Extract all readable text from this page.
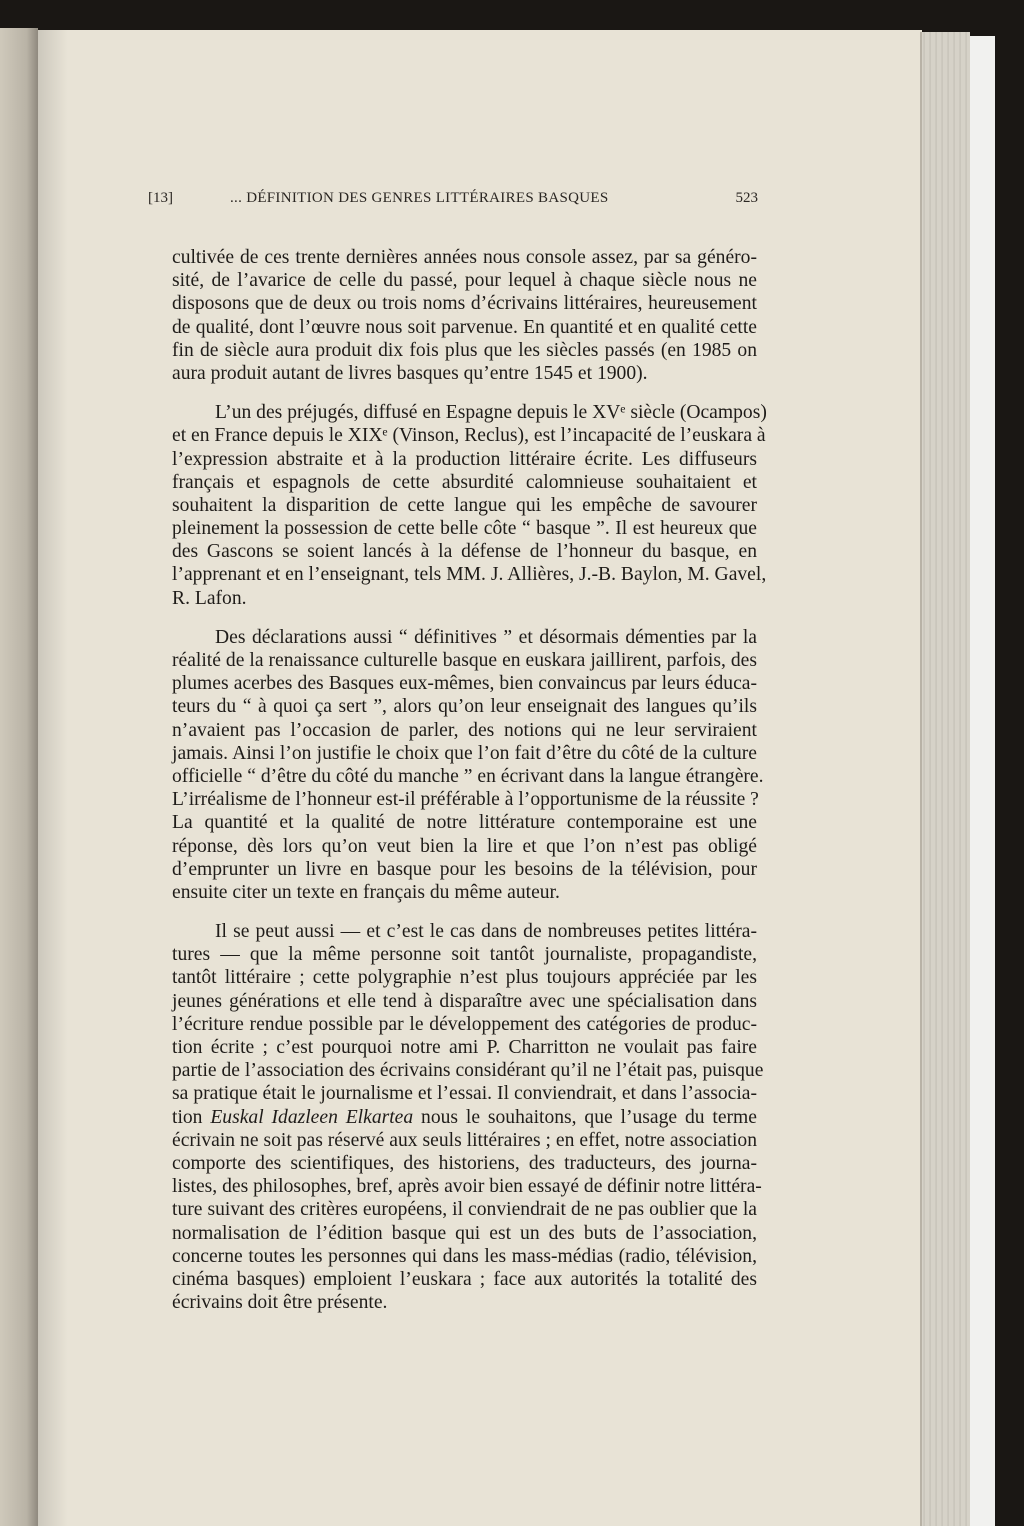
[13]	... DÉFINITION DES GENRES LITTÉRAIRES BASQUES	523
cultivée de ces trente dernières années nous console assez, par sa généro-
sité, de l’avarice de celle du passé, pour lequel à chaque siècle nous ne
disposons que de deux ou trois noms d’écrivains littéraires, heureusement
de qualité, dont l’œuvre nous soit parvenue. En quantité et en qualité cette
fin de siècle aura produit dix fois plus que les siècles passés (en 1985 on
aura produit autant de livres basques qu’entre 1545 et 1900).
L’un des préjugés, diffusé en Espagne depuis le XVᵉ siècle (Ocampos)
et en France depuis le XIXᵉ (Vinson, Reclus), est l’incapacité de l’euskara à
l’expression abstraite et à la production littéraire écrite. Les diffuseurs
français et espagnols de cette absurdité calomnieuse souhaitaient et
souhaitent la disparition de cette langue qui les empêche de savourer
pleinement la possession de cette belle côte “ basque ”. Il est heureux que
des Gascons se soient lancés à la défense de l’honneur du basque, en
l’apprenant et en l’enseignant, tels MM. J. Allières, J.-B. Baylon, M. Gavel,
R. Lafon.
Des déclarations aussi “ définitives ” et désormais démenties par la
réalité de la renaissance culturelle basque en euskara jaillirent, parfois, des
plumes acerbes des Basques eux-mêmes, bien convaincus par leurs éduca-
teurs du “ à quoi ça sert ”, alors qu’on leur enseignait des langues qu’ils
n’avaient pas l’occasion de parler, des notions qui ne leur serviraient
jamais. Ainsi l’on justifie le choix que l’on fait d’être du côté de la culture
officielle “ d’être du côté du manche ” en écrivant dans la langue étrangère.
L’irréalisme de l’honneur est-il préférable à l’opportunisme de la réussite ?
La quantité et la qualité de notre littérature contemporaine est une
réponse, dès lors qu’on veut bien la lire et que l’on n’est pas obligé
d’emprunter un livre en basque pour les besoins de la télévision, pour
ensuite citer un texte en français du même auteur.
Il se peut aussi — et c’est le cas dans de nombreuses petites littéra-
tures — que la même personne soit tantôt journaliste, propagandiste,
tantôt littéraire ; cette polygraphie n’est plus toujours appréciée par les
jeunes générations et elle tend à disparaître avec une spécialisation dans
l’écriture rendue possible par le développement des catégories de produc-
tion écrite ; c’est pourquoi notre ami P. Charritton ne voulait pas faire
partie de l’association des écrivains considérant qu’il ne l’était pas, puisque
sa pratique était le journalisme et l’essai. Il conviendrait, et dans l’associa-
tion Euskal Idazleen Elkartea nous le souhaitons, que l’usage du terme
écrivain ne soit pas réservé aux seuls littéraires ; en effet, notre association
comporte des scientifiques, des historiens, des traducteurs, des journa-
listes, des philosophes, bref, après avoir bien essayé de définir notre littéra-
ture suivant des critères européens, il conviendrait de ne pas oublier que la
normalisation de l’édition basque qui est un des buts de l’association,
concerne toutes les personnes qui dans les mass-médias (radio, télévision,
cinéma basques) emploient l’euskara ; face aux autorités la totalité des
écrivains doit être présente.
